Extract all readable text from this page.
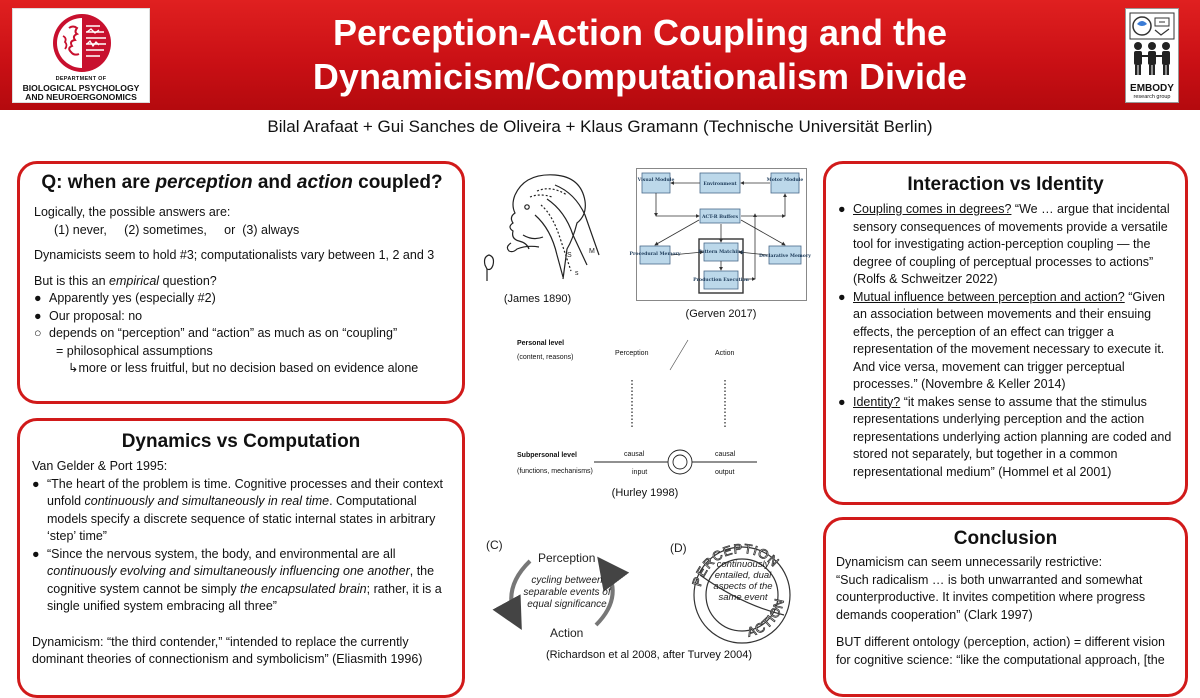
DEPARTMENT OF
BIOLOGICAL PSYCHOLOGY
AND NEUROERGONOMICS
Perception-Action Coupling and the
Dynamicism/Computationalism Divide	EMBODY
research group
Bilal Arafaat + Gui Sanches de Oliveira + Klaus Gramann (Technische Universität Berlin)
Q: when are perception and action coupled?
Logically, the possible answers are:
(1) never,     (2) sometimes,     or  (3) always
Dynamicists seem to hold #3; computationalists vary between 1, 2 and 3
But is this an empirical question?
● Apparently yes (especially #2)
● Our proposal: no
○ depends on “perception” and “action” as much as on “coupling”
= philosophical assumptions
↳more or less fruitful, but no decision based on evidence alone
Dynamics vs Computation
Van Gelder & Port 1995:
● “The heart of the problem is time. Cognitive processes and their context unfold continuously and simultaneously in real time. Computational models specify a discrete sequence of static internal states in arbitrary ‘step’ time”
● “Since the nervous system, the body, and environmental are all continuously evolving and simultaneously influencing one another, the cognitive system cannot be simply the encapsulated brain; rather, it is a single unified system embracing all three”
Dynamicism: “the third contender,” “intended to replace the currently dominant theories of connectionism and symbolicism” (Eliasmith 1996)
Interaction vs Identity
● Coupling comes in degrees? “We … argue that incidental sensory consequences of movements provide a versatile tool for investigating action-perception coupling — the degree of coupling of perceptual processes to actions” (Rolfs & Schweitzer 2022)
● Mutual influence between perception and action? “Given an association between movements and their ensuing effects, the perception of an effect can trigger a representation of the movement necessary to execute it. And vice versa, movement can trigger perceptual processes.” (Novembre & Keller 2014)
● Identity? “it makes sense to assume that the stimulus representations underlying perception and the action representations underlying action planning are coded and stored not separately, but together in a common representational medium” (Hommel et al 2001)
Conclusion
Dynamicism can seem unnecessarily restrictive:
“Such radicalism … is both unwarranted and somewhat counterproductive. It invites competition where progress demands cooperation” (Clark 1997)
BUT different ontology (perception, action) = different vision for cognitive science: “like the computational approach, [the
S
M
s
(James 1890)
Visual Module
Environment
Motor Module
ACT-R Buffers
Procedural Memory	Declarative Memory
Pattern Matching
Production Execution
(Gerven 2017)
Personal level
(content, reasons)
Perception	Action
Subpersonal level
(functions, mechanisms)
causal	causal
input	output
(Hurley 1998)
(C)	(D)
Perception
Action
cycling between separable events of equal significance
PERCEPTION
ACTION
continuously entailed, dual aspects of the same event
(Richardson et al 2008, after Turvey 2004)
